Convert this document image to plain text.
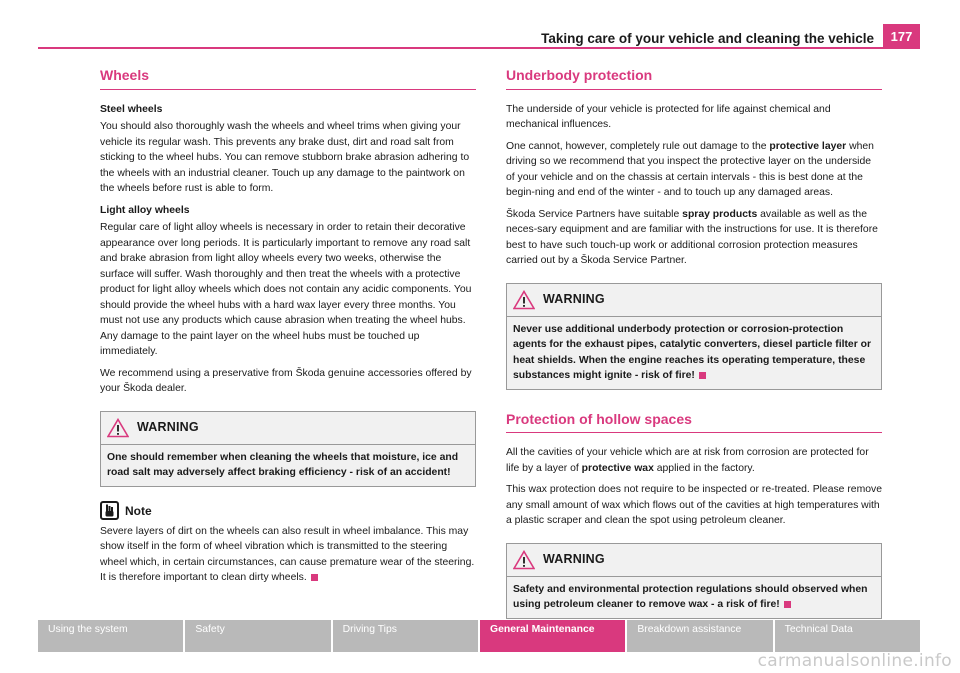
Taking care of your vehicle and cleaning the vehicle	177
Wheels

Steel wheels

You should also thoroughly wash the wheels and wheel trims when giving your vehicle its regular wash. This prevents any brake dust, dirt and road salt from sticking to the wheel hubs. You can remove stubborn brake abrasion adhering to the wheels with an industrial cleaner. Touch up any damage to the paintwork on the wheels before rust is able to form.

Light alloy wheels

Regular care of light alloy wheels is necessary in order to retain their decorative appearance over long periods. It is particularly important to remove any road salt and brake abrasion from light alloy wheels every two weeks, otherwise the surface will suffer. Wash thoroughly and then treat the wheels with a protective product for light alloy wheels which does not contain any acidic components. You should provide the wheel hubs with a hard wax layer every three months. You must not use any products which cause abrasion when treating the wheel hubs. Any damage to the paint layer on the wheel hubs must be touched up immediately.

We recommend using a preservative from Škoda genuine accessories offered by your Škoda dealer.

WARNING
One should remember when cleaning the wheels that moisture, ice and road salt may adversely affect braking efficiency - risk of an accident!
Note

Severe layers of dirt on the wheels can also result in wheel imbalance. This may show itself in the form of wheel vibration which is transmitted to the steering wheel which, in certain circumstances, can cause premature wear of the steering. It is therefore important to clean dirty wheels.

Underbody protection

The underside of your vehicle is protected for life against chemical and mechanical influences.

One cannot, however, completely rule out damage to the protective layer when driving so we recommend that you inspect the protective layer on the underside of your vehicle and on the chassis at certain intervals - this is best done at the begin-ning and end of the winter - and to touch up any damaged areas.

Škoda Service Partners have suitable spray products available as well as the neces-sary equipment and are familiar with the instructions for use. It is therefore best to have such touch-up work or additional corrosion protection measures carried out by a Škoda Service Partner.

WARNING
Never use additional underbody protection or corrosion-protection agents for the exhaust pipes, catalytic converters, diesel particle filter or heat shields. When the engine reaches its operating temperature, these substances might ignite - risk of fire!
Protection of hollow spaces

All the cavities of your vehicle which are at risk from corrosion are protected for life by a layer of protective wax applied in the factory.

This wax protection does not require to be inspected or re-treated. Please remove any small amount of wax which flows out of the cavities at high temperatures with a plastic scraper and clean the spot using petroleum cleaner.

WARNING
Safety and environmental protection regulations should observed when using petroleum cleaner to remove wax - a risk of fire!
Using the system	Safety	Driving Tips	General Maintenance	Breakdown assistance	Technical Data
carmanualsonline.info
